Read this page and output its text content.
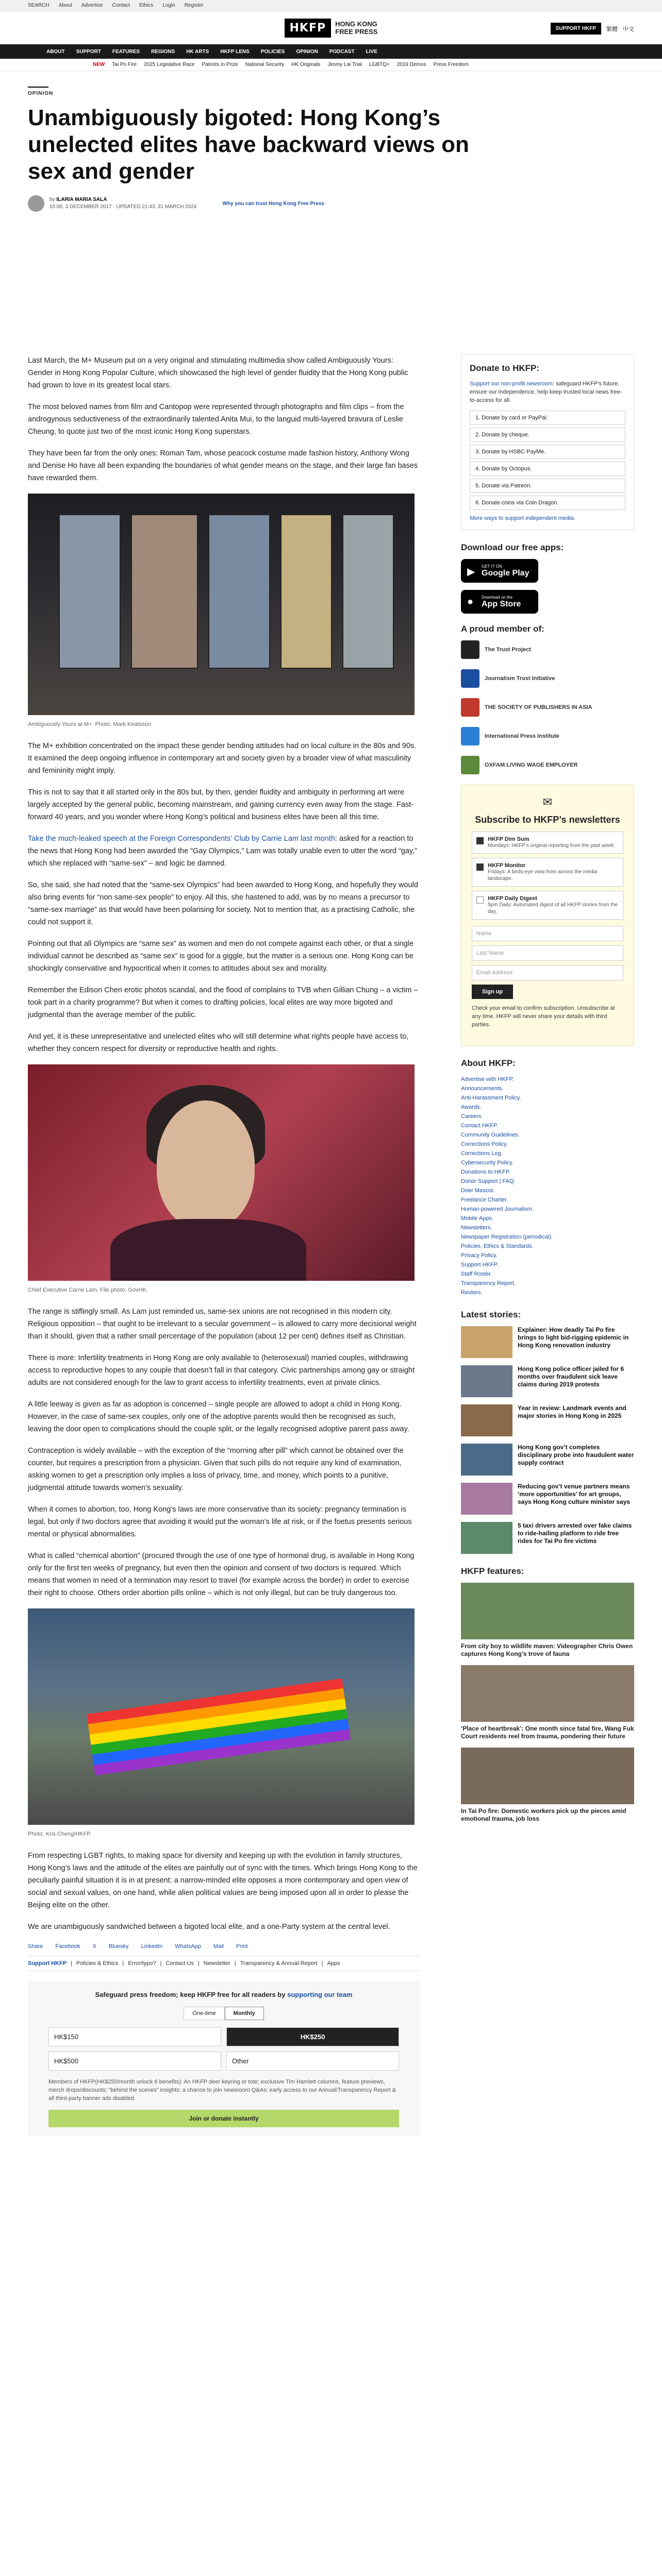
SEARCH About Advertise Contact Ethics Login Register
HKFP	HONG KONG
FREE PRESS	SUPPORT HKFP	繁體 中文
ABOUT SUPPORT FEATURES REGIONS HK ARTS HKFP LENS POLICIES OPINION PODCAST LIVE
NEW Tai Po Fire 2025 Legislative Race Patriots in Prize National Security HK Originals Jimmy Lai Trial LGBTQ+ 2019 Demos Press Freedom
OPINION
Unambiguously bigoted: Hong Kong’s unelected elites have backward views on sex and gender
by ILARIA MARIA SALA
15:00, 3 DECEMBER 2017 · UPDATED 21:43, 31 MARCH 2024
Why you can trust Hong Kong Free Press

Last March, the M+ Museum put on a very original and stimulating multimedia show called Ambiguously Yours: Gender in Hong Kong Popular Culture, which showcased the high level of gender fluidity that the Hong Kong public had grown to love in its greatest local stars.

The most beloved names from film and Cantopop were represented through photographs and film clips – from the androgynous seductiveness of the extraordinarily talented Anita Mui, to the languid multi-layered bravura of Leslie Cheung, to quote just two of the most iconic Hong Kong superstars.

They have been far from the only ones: Roman Tam, whose peacock costume made fashion history, Anthony Wong and Denise Ho have all been expanding the boundaries of what gender means on the stage, and their large fan bases have rewarded them.

Ambiguously Yours at M+. Photo: Mark Keatsson.

The M+ exhibition concentrated on the impact these gender bending attitudes had on local culture in the 80s and 90s. It examined the deep ongoing influence in contemporary art and society given by a broader view of what masculinity and femininity might imply.

This is not to say that it all started only in the 80s but, by then, gender fluidity and ambiguity in performing art were largely accepted by the general public, becoming mainstream, and gaining currency even away from the stage. Fast-forward 40 years, and you wonder where Hong Kong’s political and business elites have been all this time.

Take the much-leaked speech at the Foreign Correspondents’ Club by Carrie Lam last month: asked for a reaction to the news that Hong Kong had been awarded the “Gay Olympics,” Lam was totally unable even to utter the word “gay,” which she replaced with “same-sex” – and logic be damned.

So, she said, she had noted that the “same-sex Olympics” had been awarded to Hong Kong, and hopefully they would also bring events for “non same-sex people” to enjoy. All this, she hastened to add, was by no means a precursor to “same-sex marriage” as that would have been polarising for society. Not to mention that, as a practising Catholic, she could not support it.

Pointing out that all Olympics are “same sex” as women and men do not compete against each other, or that a single individual cannot be described as “same sex” is good for a giggle, but the matter is a serious one. Hong Kong can be shockingly conservative and hypocritical when it comes to attitudes about sex and morality.

Remember the Edison Chen erotic photos scandal, and the flood of complains to TVB when Gillian Chung – a victim – took part in a charity programme? But when it comes to drafting policies, local elites are way more bigoted and judgmental than the average member of the public.

And yet, it is these unrepresentative and unelected elites who will still determine what rights people have access to, whether they concern respect for diversity or reproductive health and rights.

Chief Executive Carrie Lam. File photo: GovHK.

The range is stiflingly small. As Lam just reminded us, same-sex unions are not recognised in this modern city. Religious opposition – that ought to be irrelevant to a secular government – is allowed to carry more decisional weight than it should, given that a rather small percentage of the population (about 12 per cent) defines itself as Christian.

There is more: Infertility treatments in Hong Kong are only available to (heterosexual) married couples, withdrawing access to reproductive hopes to any couple that doesn’t fall in that category. Civic partnerships among gay or straight adults are not considered enough for the law to grant access to infertility treatments, even at private clinics.

A little leeway is given as far as adoption is concerned – single people are allowed to adopt a child in Hong Kong. However, in the case of same-sex couples, only one of the adoptive parents would then be recognised as such, leaving the door open to complications should the couple split, or the legally recognised adoptive parent pass away.

Contraception is widely available – with the exception of the “morning after pill” which cannot be obtained over the counter, but requires a prescription from a physician. Given that such pills do not require any kind of examination, asking women to get a prescription only implies a loss of privacy, time, and money, which points to a punitive, judgmental attitude towards women’s sexuality.

When it comes to abortion, too, Hong Kong’s laws are more conservative than its society: pregnancy termination is legal, but only if two doctors agree that avoiding it would put the woman’s life at risk, or if the foetus presents serious mental or physical abnormalities.

What is called “chemical abortion” (procured through the use of one type of hormonal drug, is available in Hong Kong only for the first ten weeks of pregnancy, but even then the opinion and consent of two doctors is required. Which means that women in need of a termination may resort to travel (for example across the border) in order to exercise their right to choose. Others order abortion pills online – which is not only illegal, but can be truly dangerous too.

Photo: Kris Cheng/HKFP.

From respecting LGBT rights, to making space for diversity and keeping up with the evolution in family structures, Hong Kong’s laws and the attitude of the elites are painfully out of sync with the times. Which brings Hong Kong to the peculiarly painful situation it is in at present: a narrow-minded elite opposes a more contemporary and open view of social and sexual values, on one hand, while alien political values are being imposed upon all in order to please the Beijing elite on the other.

We are unambiguously sandwiched between a bigoted local elite, and a one-Party system at the central level.

Share Facebook X Bluesky LinkedIn WhatsApp Mail Print
Support HKFP | Policies & Ethics | Error/typo? | Contact Us | Newsletter | Transparency & Annual Report | Apps
Safeguard press freedom; keep HKFP free for all readers by supporting our team
One-time	Monthly
HK$150	HK$250
HK$500	Other
Members of HKFP(HK$250/month unlock 6 benefits): An HKFP deer keyring or tote; exclusive Tim Hamlett columns, feature previews, merch drops/discounts; “behind the scenes” insights; a chance to join newsroom Q&As; early access to our Annual/Transparency Report & all third-party banner ads disabled.
Join or donate instantly
Donate to HKFP:
Support our non-profit newsroom: safeguard HKFP’s future, ensure our independence, help keep trusted local news free-to-access for all.
1. Donate by card or PayPal.
2. Donate by cheque.
3. Donate by HSBC PayMe.
4. Donate by Octopus.
5. Donate via Patreon.
6. Donate coins via Coin Dragon.
More ways to support independent media.
Download our free apps:
▶ GET IT ON
Google Play
● Download on the
App Store
A proud member of:
The Trust Project
Journalism Trust Initiative
THE SOCIETY OF PUBLISHERS IN ASIA
International Press Institute
OXFAM LIVING WAGE EMPLOYER
✉
Subscribe to HKFP’s newsletters
HKFP Dim Sum
Mondays: HKFP’s original reporting from the past week.
HKFP Monitor
Fridays: A birds-eye view from across the media landscape.
HKFP Daily Digest
5pm Daily: Automated digest of all HKFP stories from the day.
Name
Last Name
Email Address
Sign up
Check your email to confirm subscription. Unsubscribe at any time. HKFP will never share your details with third parties.
About HKFP:
Advertise with HKFP.
Announcements.
Anti-Harassment Policy.
Awards.
Careers.
Contact HKFP.
Community Guidelines.
Corrections Policy.
Corrections Log.
Cybersecurity Policy.
Donations to HKFP.
Donor Support | FAQ.
Doer Mascot.
Freelance Charter.
Human-powered Journalism.
Mobile Apps.
Newsletters.
Newspaper Registration (periodical).
Policies, Ethics & Standards.
Privacy Policy.
Support HKFP.
Staff Roster.
Transparency Report.
Reuters.
Latest stories:
Explainer: How deadly Tai Po fire brings to light bid-rigging epidemic in Hong Kong renovation industry
Hong Kong police officer jailed for 6 months over fraudulent sick leave claims during 2019 protests
Year in review: Landmark events and major stories in Hong Kong in 2025
Hong Kong gov’t completes disciplinary probe into fraudulent water supply contract
Reducing gov’t venue partners means ‘more opportunities’ for art groups, says Hong Kong culture minister says
5 taxi drivers arrested over fake claims to ride-hailing platform to ride free rides for Tai Po fire victims
HKFP features:
From city boy to wildlife maven: Videographer Chris Owen captures Hong Kong’s trove of fauna
‘Place of heartbreak’: One month since fatal fire, Wang Fuk Court residents reel from trauma, pondering their future
In Tai Po fire: Domestic workers pick up the pieces amid emotional trauma, job loss
